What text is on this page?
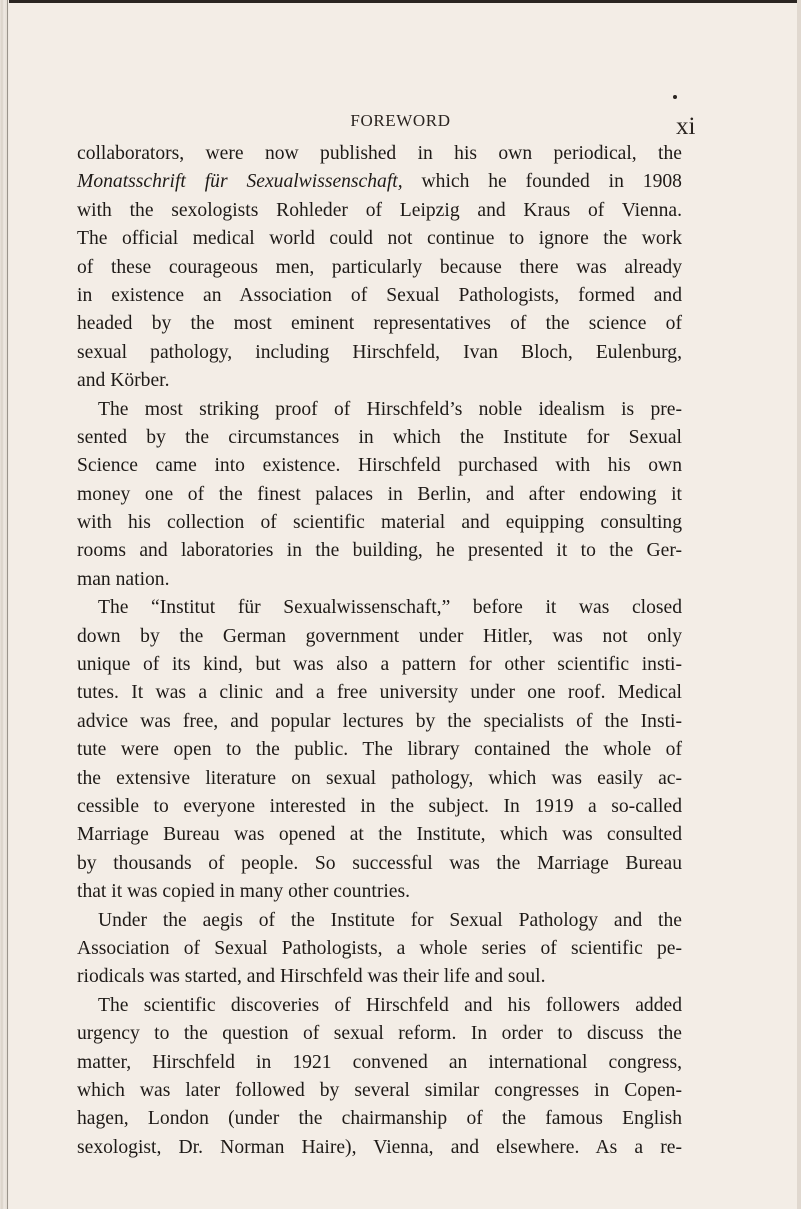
FOREWORD	xi
collaborators, were now published in his own periodical, the
Monatsschrift für Sexualwissenschaft, which he founded in 1908
with the sexologists Rohleder of Leipzig and Kraus of Vienna.
The official medical world could not continue to ignore the work
of these courageous men, particularly because there was already
in existence an Association of Sexual Pathologists, formed and
headed by the most eminent representatives of the science of
sexual pathology, including Hirschfeld, Ivan Bloch, Eulenburg,
and Körber.
The most striking proof of Hirschfeld’s noble idealism is pre-
sented by the circumstances in which the Institute for Sexual
Science came into existence. Hirschfeld purchased with his own
money one of the finest palaces in Berlin, and after endowing it
with his collection of scientific material and equipping consulting
rooms and laboratories in the building, he presented it to the Ger-
man nation.
The “Institut für Sexualwissenschaft,” before it was closed
down by the German government under Hitler, was not only
unique of its kind, but was also a pattern for other scientific insti-
tutes. It was a clinic and a free university under one roof. Medical
advice was free, and popular lectures by the specialists of the Insti-
tute were open to the public. The library contained the whole of
the extensive literature on sexual pathology, which was easily ac-
cessible to everyone interested in the subject. In 1919 a so-called
Marriage Bureau was opened at the Institute, which was consulted
by thousands of people. So successful was the Marriage Bureau
that it was copied in many other countries.
Under the aegis of the Institute for Sexual Pathology and the
Association of Sexual Pathologists, a whole series of scientific pe-
riodicals was started, and Hirschfeld was their life and soul.
The scientific discoveries of Hirschfeld and his followers added
urgency to the question of sexual reform. In order to discuss the
matter, Hirschfeld in 1921 convened an international congress,
which was later followed by several similar congresses in Copen-
hagen, London (under the chairmanship of the famous English
sexologist, Dr. Norman Haire), Vienna, and elsewhere. As a re-
